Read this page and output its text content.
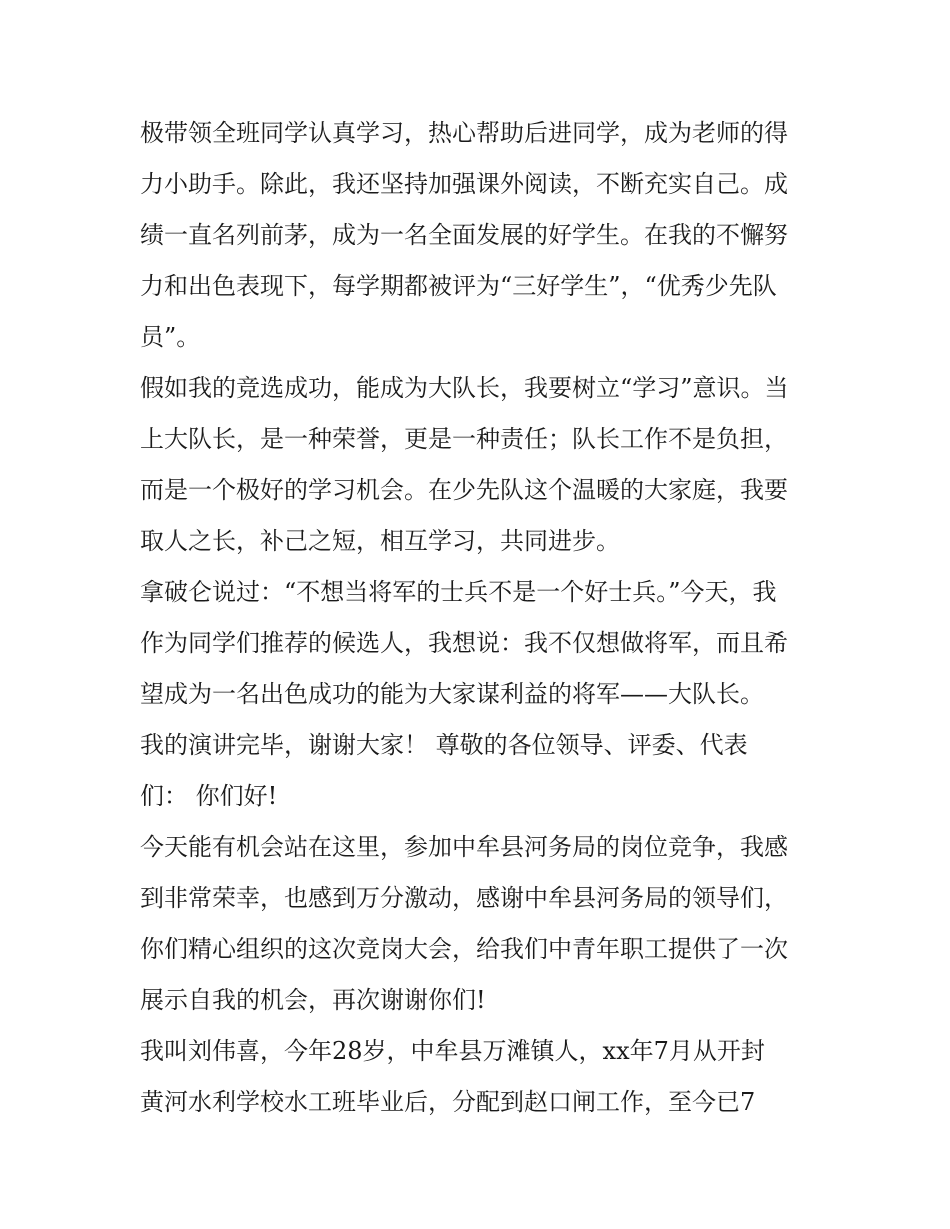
极带领全班同学认真学习，热心帮助后进同学，成为老师的得
力小助手。除此，我还坚持加强课外阅读，不断充实自己。成
绩一直名列前茅，成为一名全面发展的好学生。在我的不懈努
力和出色表现下，每学期都被评为“三好学生”，“优秀少先队
员”。
假如我的竞选成功，能成为大队长，我要树立“学习”意识。当
上大队长，是一种荣誉，更是一种责任；队长工作不是负担，
而是一个极好的学习机会。在少先队这个温暖的大家庭，我要
取人之长，补己之短，相互学习，共同进步。
拿破仑说过：“不想当将军的士兵不是一个好士兵。”今天，我
作为同学们推荐的候选人，我想说：我不仅想做将军，而且希
望成为一名出色成功的能为大家谋利益的将军——大队长。
我的演讲完毕，谢谢大家！ 尊敬的各位领导、评委、代表
们： 你们好!
今天能有机会站在这里，参加中牟县河务局的岗位竞争，我感
到非常荣幸，也感到万分激动，感谢中牟县河务局的领导们，
你们精心组织的这次竞岗大会，给我们中青年职工提供了一次
展示自我的机会，再次谢谢你们!
我叫刘伟喜，今年28岁，中牟县万滩镇人，xx年7月从开封
黄河水利学校水工班毕业后，分配到赵口闸工作，至今已7
